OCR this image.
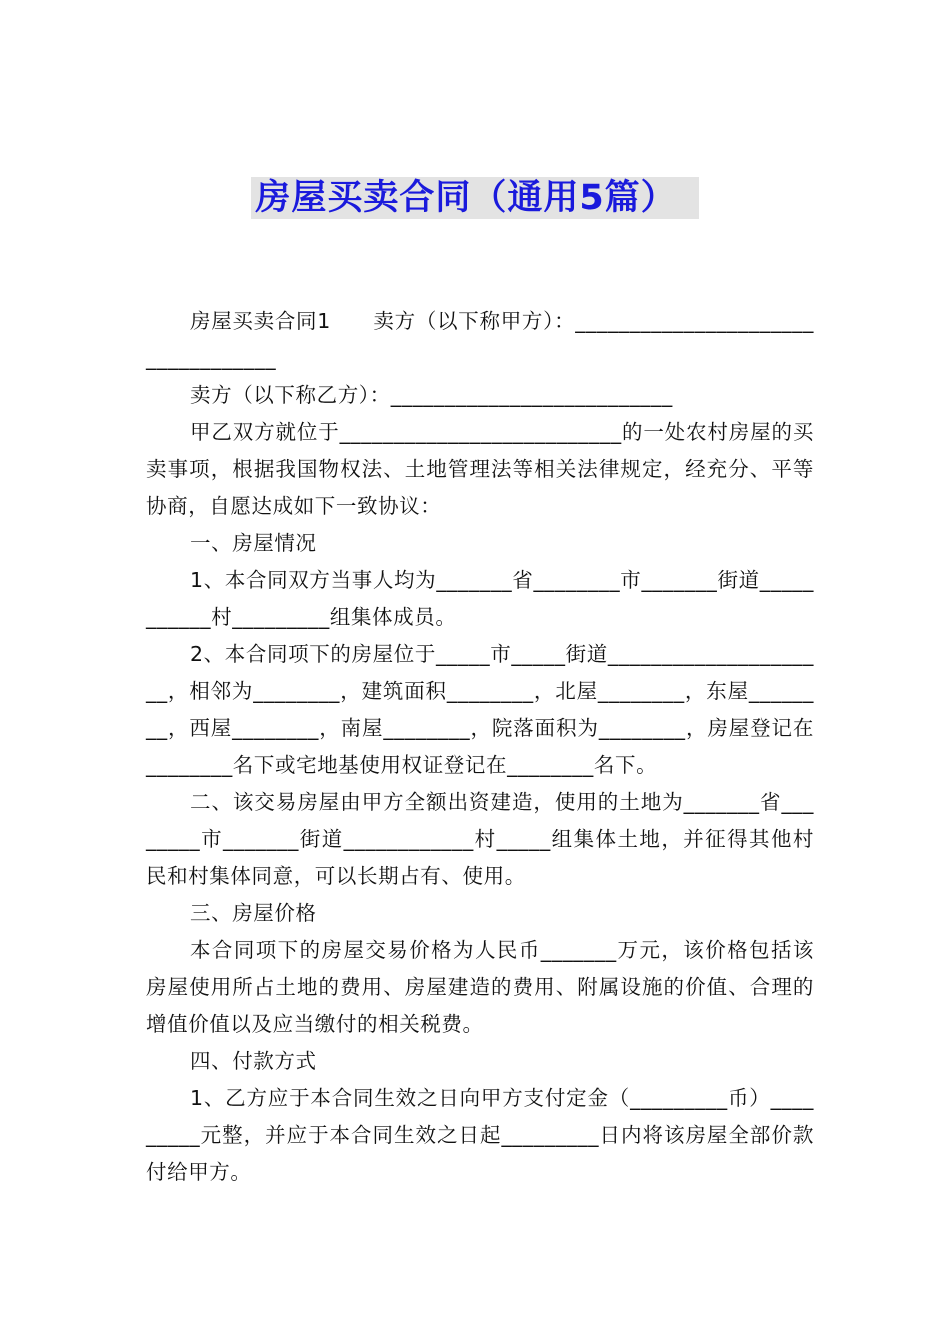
房屋买卖合同（通用5篇）

房屋买卖合同1　　卖方（以下称甲方）：__________________________________

卖方（以下称乙方）：__________________________

甲乙双方就位于__________________________的一处农村房屋的买卖事项，根据我国物权法、土地管理法等相关法律规定，经充分、平等协商，自愿达成如下一致协议：

一、房屋情况

1、本合同双方当事人均为_______省________市_______街道___________村_________组集体成员。

2、本合同项下的房屋位于_____市_____街道_____________________，相邻为________，建筑面积________，北屋________，东屋________，西屋________，南屋________，院落面积为________，房屋登记在________名下或宅地基使用权证登记在________名下。

二、该交易房屋由甲方全额出资建造，使用的土地为_______省________市_______街道____________村_____组集体土地，并征得其他村民和村集体同意，可以长期占有、使用。

三、房屋价格

本合同项下的房屋交易价格为人民币_______万元，该价格包括该房屋使用所占土地的费用、房屋建造的费用、附属设施的价值、合理的增值价值以及应当缴付的相关税费。

四、付款方式

1、乙方应于本合同生效之日向甲方支付定金（_________币）_________元整，并应于本合同生效之日起_________日内将该房屋全部价款付给甲方。
